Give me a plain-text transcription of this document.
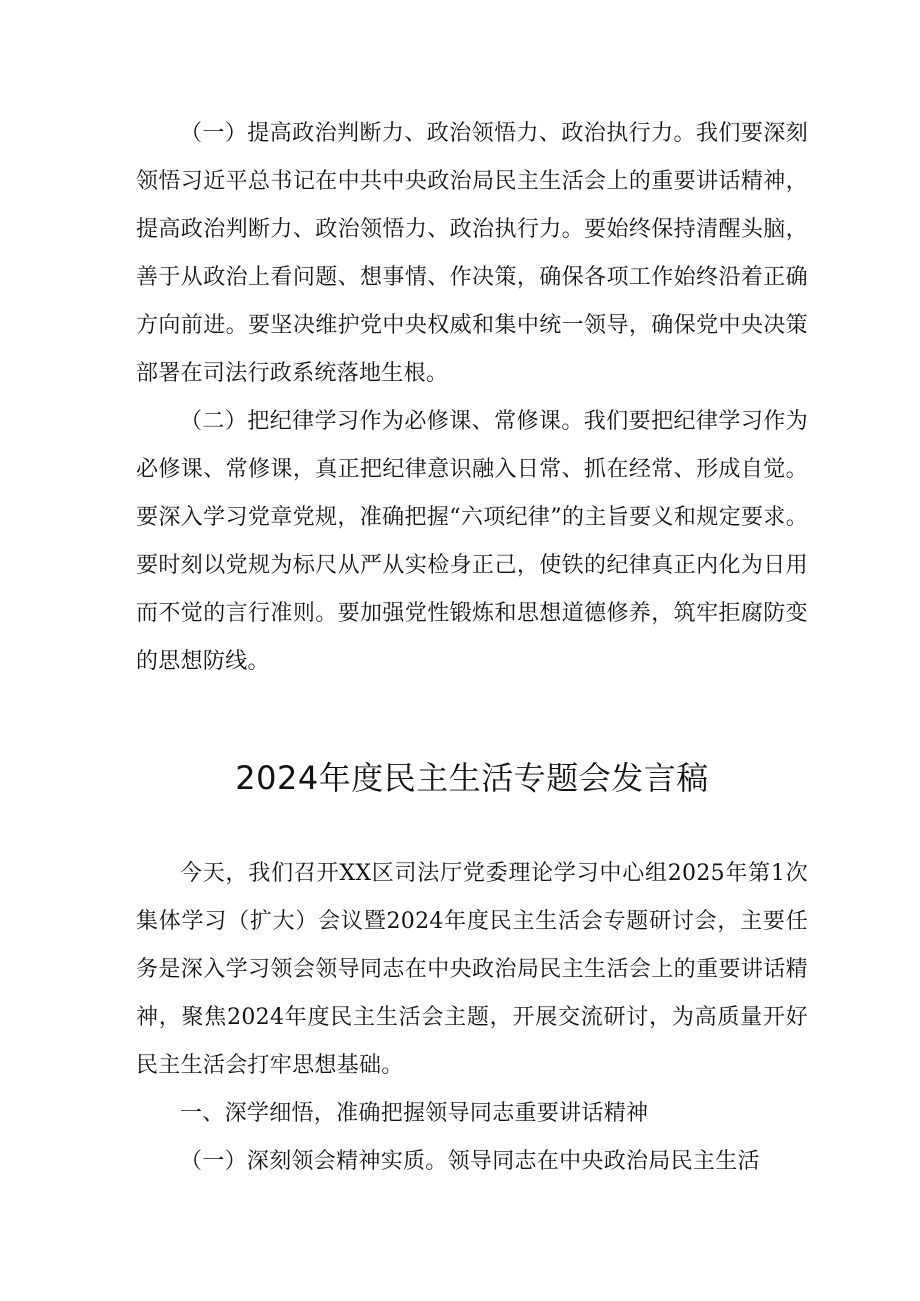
（一）提高政治判断力、政治领悟力、政治执行力。我们要深刻领悟习近平总书记在中共中央政治局民主生活会上的重要讲话精神，提高政治判断力、政治领悟力、政治执行力。要始终保持清醒头脑，善于从政治上看问题、想事情、作决策，确保各项工作始终沿着正确方向前进。要坚决维护党中央权威和集中统一领导，确保党中央决策部署在司法行政系统落地生根。

（二）把纪律学习作为必修课、常修课。我们要把纪律学习作为必修课、常修课，真正把纪律意识融入日常、抓在经常、形成自觉。要深入学习党章党规，准确把握“六项纪律”的主旨要义和规定要求。要时刻以党规为标尺从严从实检身正己，使铁的纪律真正内化为日用而不觉的言行准则。要加强党性锻炼和思想道德修养，筑牢拒腐防变的思想防线。

2024年度民主生活专题会发言稿

今天，我们召开XX区司法厅党委理论学习中心组2025年第1次集体学习（扩大）会议暨2024年度民主生活会专题研讨会，主要任务是深入学习领会领导同志在中央政治局民主生活会上的重要讲话精神，聚焦2024年度民主生活会主题，开展交流研讨，为高质量开好民主生活会打牢思想基础。

一、深学细悟，准确把握领导同志重要讲话精神

（一）深刻领会精神实质。领导同志在中央政治局民主生活
